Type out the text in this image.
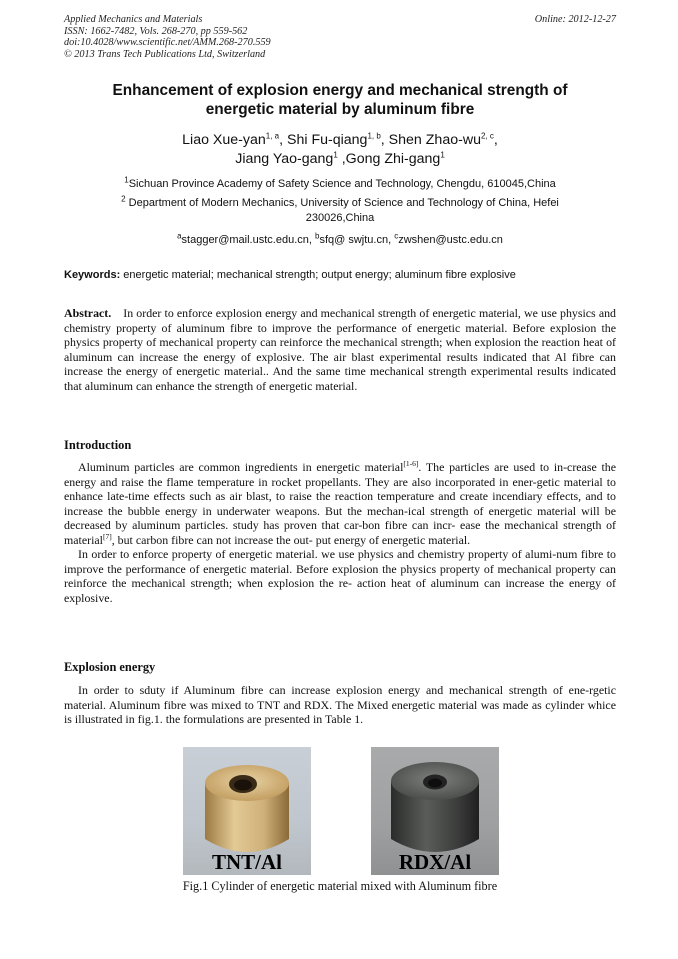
Applied Mechanics and Materials
ISSN: 1662-7482, Vols. 268-270, pp 559-562
doi:10.4028/www.scientific.net/AMM.268-270.559
© 2013 Trans Tech Publications Ltd, Switzerland
Online: 2012-12-27
Enhancement of explosion energy and mechanical strength of
energetic material by aluminum fibre
Liao Xue-yan$^{1, a}$, Shi Fu-qiang$^{1, b}$, Shen Zhao-wu$^{2, c}$,
Jiang Yao-gang$^1$ ,Gong Zhi-gang$^1$
$^1$Sichuan Province Academy of Safety Science and Technology, Chengdu, 610045,China
$^2$ Department of Modern Mechanics, University of Science and Technology of China, Hefei
230026,China
$^a$stagger@mail.ustc.edu.cn, $^b$sfq@ swjtu.cn, $^c$zwshen@ustc.edu.cn
Keywords: energetic material; mechanical strength; output energy; aluminum fibre explosive
Abstract. In order to enforce explosion energy and mechanical strength of energetic material, we use physics and chemistry property of aluminum fibre to improve the performance of energetic material. Before explosion the physics property of mechanical property can reinforce the mechanical strength; when explosion the reaction heat of aluminum can increase the energy of explosive. The air blast experimental results indicated that Al fibre can increase the energy of energetic material.. And the same time mechanical strength experimental results indicated that aluminum can enhance the strength of energetic material.
Introduction

Aluminum particles are common ingredients in energetic material[1-6]. The particles are used to in-crease the energy and raise the flame temperature in rocket propellants. They are also incorporated in ener-getic material to enhance late-time effects such as air blast, to raise the reaction temperature and create incendiary effects, and to increase the bubble energy in underwater weapons. But the mechan-ical strength of energetic material will be decreased by aluminum particles. study has proven that car-bon fibre can incr- ease the mechanical strength of material[7], but carbon fibre can not increase the out- put energy of energetic material.

In order to enforce property of energetic material. we use physics and chemistry property of alumi-num fibre to improve the performance of energetic material. Before explosion the physics property of mechanical property can reinforce the mechanical strength; when explosion the re- action heat of aluminum can increase the energy of explosive.

Explosion energy

In order to sduty if Aluminum fibre can increase explosion energy and mechanical strength of ene-rgetic material. Aluminum fibre was mixed to TNT and RDX. The Mixed energetic material was made as cylinder whice is illustrated in fig.1. the formulations are presented in Table 1.

TNT/Al	RDX/Al
Fig.1 Cylinder of energetic material mixed with Aluminum fibre
